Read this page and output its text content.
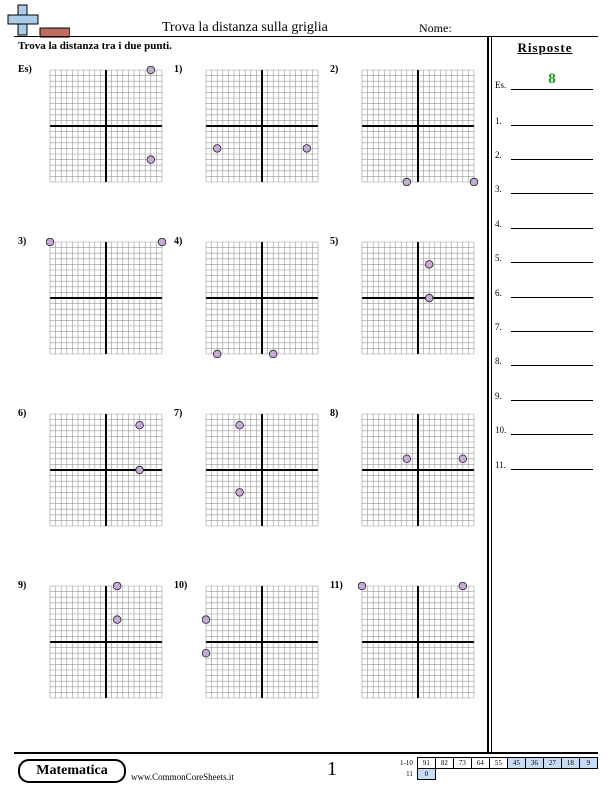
Trova la distanza sulla griglia	Nome:
Trova la distanza tra i due punti.	Risposte
Es.	8
1.
2.
3.
4.
5.
6.
7.
8.
9.
10.
11.
Es)	1)	2)
3)	4)	5)
6)	7)	8)
9)	10)	11)
Matematica	www.CommonCoreSheets.it	1	1-10	91	82	73	64	55	45	36	27	18	9
11	0									
